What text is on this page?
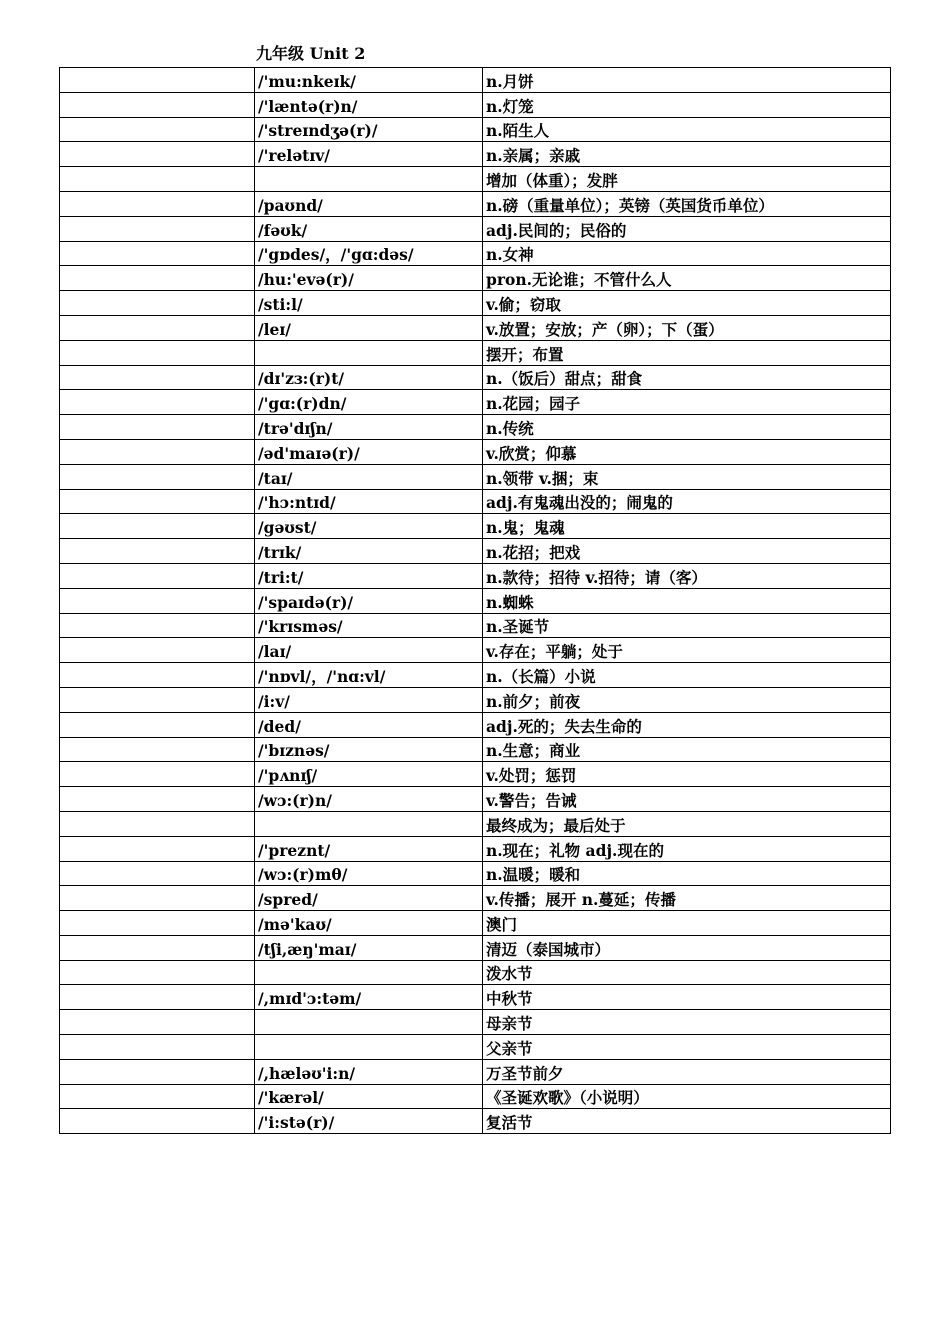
九年级 Unit 2
	/'mu:nkeɪk/	n.月饼
	/'læntə(r)n/	n.灯笼
	/'streɪndʒə(r)/	n.陌生人
	/'relətɪv/	n.亲属；亲戚
		增加（体重）；发胖
	/paʊnd/	n.磅（重量单位）；英镑（英国货币单位）
	/fəʊk/	adj.民间的；民俗的
	/'gɒdes/，/'gɑ:dəs/	n.女神
	/hu:'evə(r)/	pron.无论谁；不管什么人
	/sti:l/	v.偷；窃取
	/leɪ/	v.放置；安放；产（卵）；下（蛋）
		摆开；布置
	/dɪ'zɜ:(r)t/	n.（饭后）甜点；甜食
	/'gɑ:(r)dn/	n.花园；园子
	/trə'dɪʃn/	n.传统
	/əd'maɪə(r)/	v.欣赏；仰慕
	/taɪ/	n.领带 v.捆；束
	/'hɔ:ntɪd/	adj.有鬼魂出没的；闹鬼的
	/gəʊst/	n.鬼；鬼魂
	/trɪk/	n.花招；把戏
	/tri:t/	n.款待；招待 v.招待；请（客）
	/'spaɪdə(r)/	n.蜘蛛
	/'krɪsməs/	n.圣诞节
	/laɪ/	v.存在；平躺；处于
	/'nɒvl/，/'nɑ:vl/	n.（长篇）小说
	/i:v/	n.前夕；前夜
	/ded/	adj.死的；失去生命的
	/'bɪznəs/	n.生意；商业
	/'pʌnɪʃ/	v.处罚；惩罚
	/wɔ:(r)n/	v.警告；告诫
		最终成为；最后处于
	/'preznt/	n.现在；礼物 adj.现在的
	/wɔ:(r)mθ/	n.温暖；暖和
	/spred/	v.传播；展开 n.蔓延；传播
	/mə'kaʊ/	澳门
	/tʃi,æŋ'maɪ/	清迈（泰国城市）
		泼水节
	/,mɪd'ɔ:təm/	中秋节
		母亲节
		父亲节
	/,hæləʊ'i:n/	万圣节前夕
	/'kærəl/	《圣诞欢歌》（小说明）
	/'i:stə(r)/	复活节
